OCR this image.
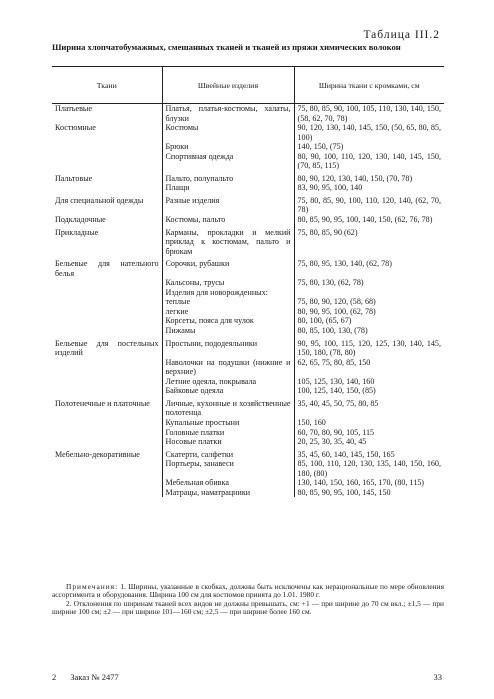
Таблица III.2
Ширина хлопчатобумажных, смешанных тканей и тканей из пряжи химических волокон
Ткани	Швейные изделия	Ширина ткани с кромками, см
Платьевые	Платья, платья-костюмы, халаты, блузки	75, 80, 85, 90, 100, 105, 110, 130, 140, 150, (58, 62, 70, 78)
Костюмные	Костюмы	90, 120, 130, 140, 145, 150, (50, 65, 80, 85, 100)
	Брюки	140, 150, (75)
	Спортивная одежда	80, 90, 100, 110, 120, 130, 140, 145, 150, (70, 85, 115)
Пальтовые	Пальто, полупальто	80, 90, 120, 130, 140, 150, (70, 78)
	Плащи	83, 90, 95, 100, 140
Для специальной одежды	Разные изделия	75, 80, 85, 90, 100, 110, 120, 140, (62, 70, 78)
Подкладочные	Костюмы, пальто	80, 85, 90, 95, 100, 140, 150, (62, 76, 78)
Прикладные	Карманы, прокладки и мелкий приклад к костюмам, пальто и брюкам	75, 80, 85, 90 (62)
Бельевые для нательного белья	Сорочки, рубашки	75, 80, 95, 130, 140, (62, 78)
	Кальсоны, трусы	75, 80, 130, (62, 78)
	Изделия для новорожденных:	
	теплые	75, 80, 90, 120, (58, 68)
	легкие	80, 90, 95, 100, (62, 78)
	Корсеты, пояса для чулок	80, 100, (65, 67)
	Пижамы	80, 85, 100, 130, (78)
Бельевые для постельных изделий	Простыни, пододеяльники	90, 95, 100, 115, 120, 125, 130, 140, 145, 150, 180, (78, 80)
	Наволочки на подушки (нижние и верхние)	62, 65, 75, 80, 85, 150
	Летние одеяла, покрывала	105, 125, 130, 140, 160
	Байковые одеяла	100, 125, 140, 150, (85)
Полотенечные и платочные	Личные, кухонные и хозяйственные полотенца	35, 40, 45, 50, 75, 80, 85
	Купальные простыни	150, 160
	Головные платки	60, 70, 80, 90, 105, 115
	Носовые платки	20, 25, 30, 35, 40, 45
Мебельно-декоративные	Скатерти, салфетки	35, 45, 60, 140, 145, 150, 165
	Портьеры, занавеси	85, 100, 110, 120, 130, 135, 140, 150, 160, 180, (80)
	Мебельная обивка	130, 140, 150, 160, 165, 170, (80, 115)
	Матрацы, наматрацники	80, 85, 90, 95, 100, 145, 150

Примечания: 1. Ширины, указанные в скобках, должны быть исключены как нерациональные по мере обновления ассортимента и оборудования. Ширина 100 см для костюмов принята до 1.01. 1980 г.

2. Отклонения по ширинам тканей всех видов не должны превышать, см: +1 — при ширине до 70 см вкл.; ±1,5 — при ширине 100 см; ±2 — при ширине 101—160 см; ±2,5 — при ширине более 160 см.

2 Заказ № 2477	33
